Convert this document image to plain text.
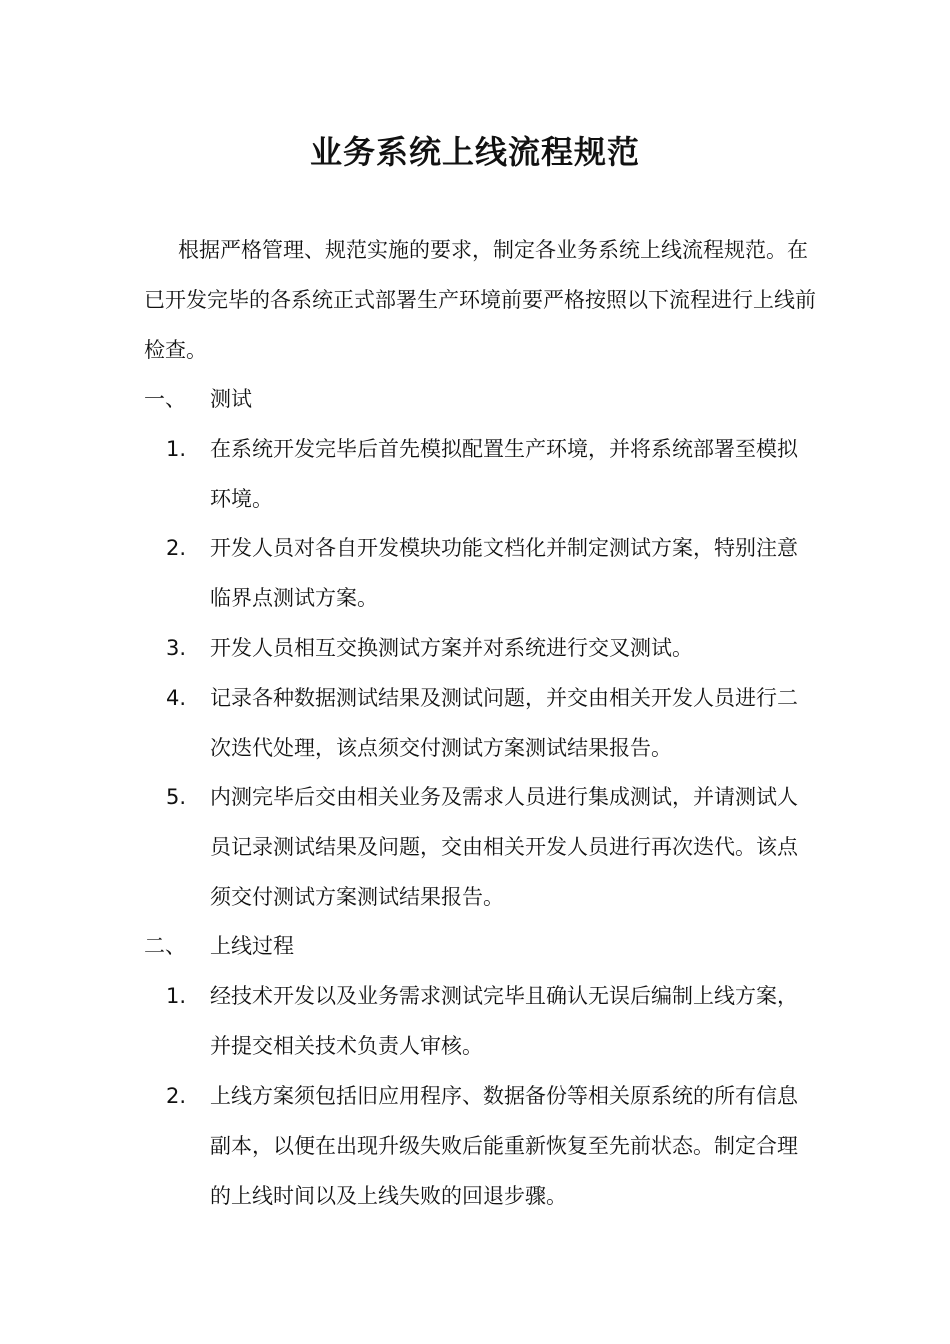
业务系统上线流程规范
根据严格管理、规范实施的要求，制定各业务系统上线流程规范。在已开发完毕的各系统正式部署生产环境前要严格按照以下流程进行上线前检查。
一、 测试
1. 在系统开发完毕后首先模拟配置生产环境，并将系统部署至模拟环境。
2. 开发人员对各自开发模块功能文档化并制定测试方案，特别注意临界点测试方案。
3. 开发人员相互交换测试方案并对系统进行交叉测试。
4. 记录各种数据测试结果及测试问题，并交由相关开发人员进行二次迭代处理，该点须交付测试方案测试结果报告。
5. 内测完毕后交由相关业务及需求人员进行集成测试，并请测试人员记录测试结果及问题，交由相关开发人员进行再次迭代。该点须交付测试方案测试结果报告。
二、 上线过程
1. 经技术开发以及业务需求测试完毕且确认无误后编制上线方案，并提交相关技术负责人审核。
2. 上线方案须包括旧应用程序、数据备份等相关原系统的所有信息副本，以便在出现升级失败后能重新恢复至先前状态。制定合理的上线时间以及上线失败的回退步骤。
